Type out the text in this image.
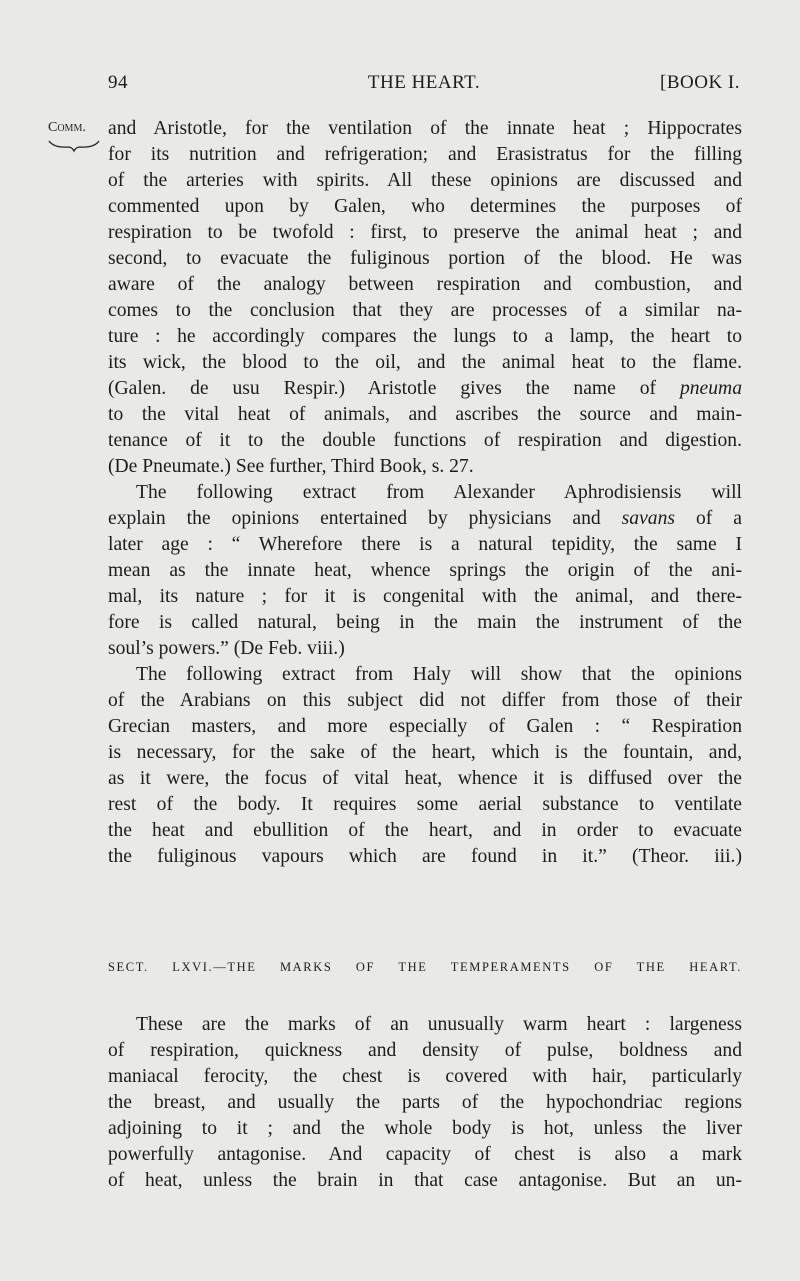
94	THE HEART.	[BOOK I.
Comm. and Aristotle, for the ventilation of the innate heat ; Hippocrates
for its nutrition and refrigeration; and Erasistratus for the filling
of the arteries with spirits. All these opinions are discussed and
commented upon by Galen, who determines the purposes of
respiration to be twofold : first, to preserve the animal heat ; and
second, to evacuate the fuliginous portion of the blood. He was
aware of the analogy between respiration and combustion, and
comes to the conclusion that they are processes of a similar na-
ture : he accordingly compares the lungs to a lamp, the heart to
its wick, the blood to the oil, and the animal heat to the flame.
(Galen. de usu Respir.) Aristotle gives the name of pneuma
to the vital heat of animals, and ascribes the source and main-
tenance of it to the double functions of respiration and digestion.
(De Pneumate.) See further, Third Book, s. 27.
The following extract from Alexander Aphrodisiensis will
explain the opinions entertained by physicians and savans of a
later age : “ Wherefore there is a natural tepidity, the same I
mean as the innate heat, whence springs the origin of the ani-
mal, its nature ; for it is congenital with the animal, and there-
fore is called natural, being in the main the instrument of the
soul’s powers.” (De Feb. viii.)
The following extract from Haly will show that the opinions
of the Arabians on this subject did not differ from those of their
Grecian masters, and more especially of Galen : “ Respiration
is necessary, for the sake of the heart, which is the fountain, and,
as it were, the focus of vital heat, whence it is diffused over the
rest of the body. It requires some aerial substance to ventilate
the heat and ebullition of the heart, and in order to evacuate
the fuliginous vapours which are found in it.” (Theor. iii.)
SECT. LXVI.—THE MARKS OF THE TEMPERAMENTS OF THE HEART.
These are the marks of an unusually warm heart : largeness
of respiration, quickness and density of pulse, boldness and
maniacal ferocity, the chest is covered with hair, particularly
the breast, and usually the parts of the hypochondriac regions
adjoining to it ; and the whole body is hot, unless the liver
powerfully antagonise. And capacity of chest is also a mark
of heat, unless the brain in that case antagonise. But an un-
